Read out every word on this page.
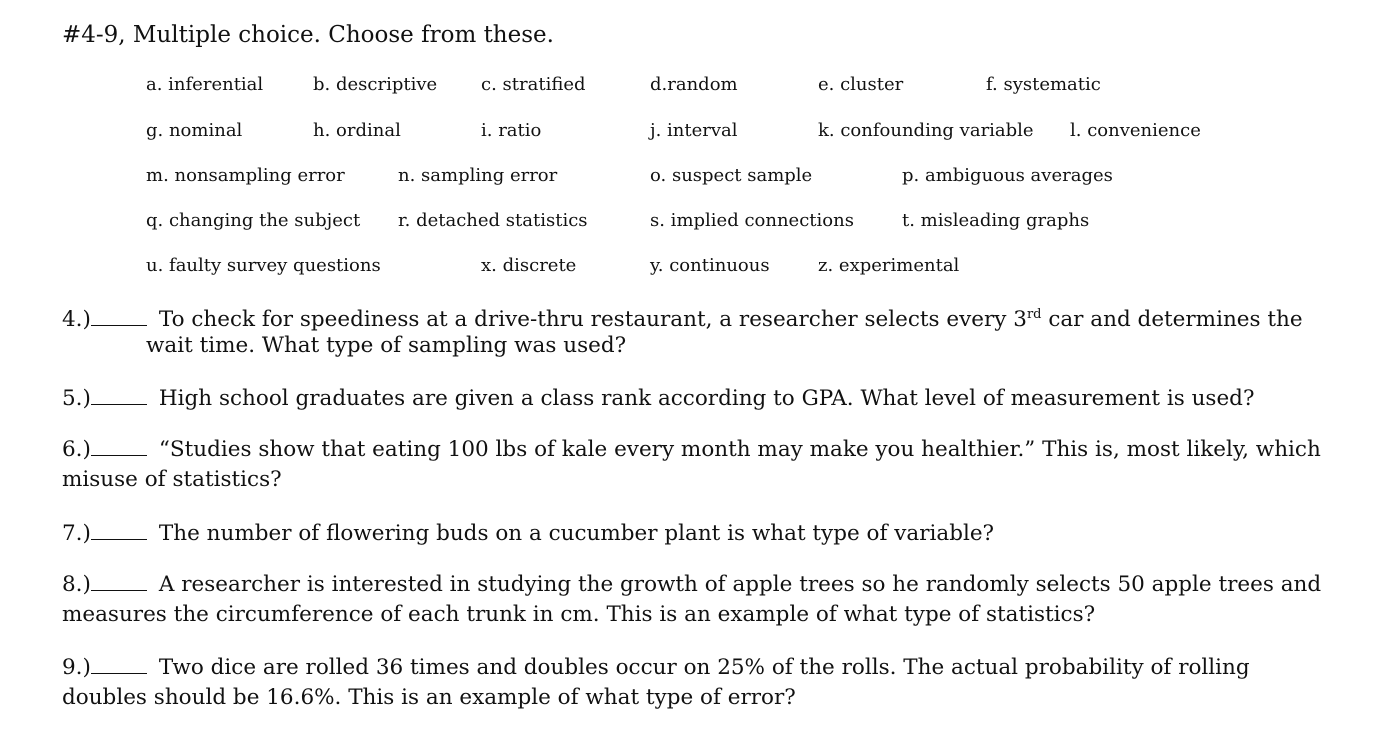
#4-9, Multiple choice. Choose from these.
a. inferential	b. descriptive c. stratified	d.random	e. cluster	f. systematic
g. nominal	h. ordinal	i. ratio	j. interval	k. confounding variable l. convenience
m. nonsampling error	n. sampling error	o. suspect sample	p. ambiguous averages
q. changing the subject r. detached statistics	s. implied connections	t. misleading graphs
u. faulty survey questions	x. discrete	y. continuous	z. experimental
4.)	To check for speediness at a drive-thru restaurant, a researcher selects every 3rd car and determines the
wait time. What type of sampling was used?
5.)	High school graduates are given a class rank according to GPA. What level of measurement is used?
6.)	“Studies show that eating 100 lbs of kale every month may make you healthier.” This is, most likely, which
misuse of statistics?
7.)	The number of flowering buds on a cucumber plant is what type of variable?
8.)	A researcher is interested in studying the growth of apple trees so he randomly selects 50 apple trees and
measures the circumference of each trunk in cm. This is an example of what type of statistics?
9.)	Two dice are rolled 36 times and doubles occur on 25% of the rolls. The actual probability of rolling
doubles should be 16.6%. This is an example of what type of error?
